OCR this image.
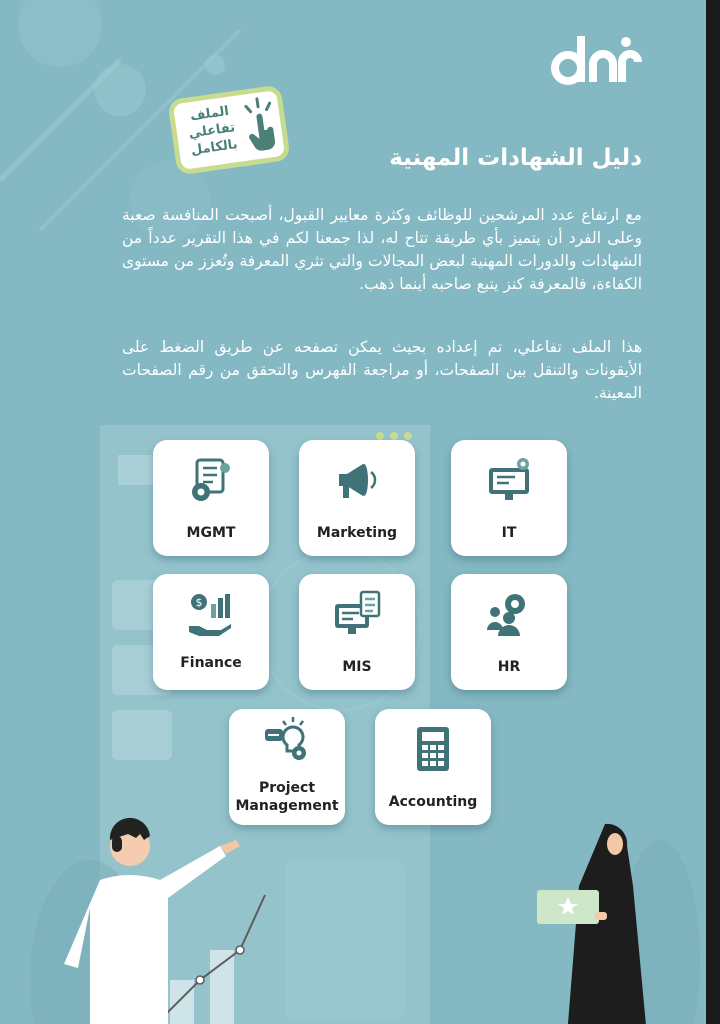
الملف
تفاعلي
بالكامل	دليل الشهادات المهنية
مع ارتفاع عدد المرشحين للوظائف وكثرة معايير القبول، أصبحت المنافسة صعبة وعلى الفرد أن يتميز بأي طريقة تتاح له، لذا جمعنا لكم في هذا التقرير عدداً من الشهادات والدورات المهنية لبعض المجالات والتي تثري المعرفة وتُعزز من مستوى الكفاءة، فالمعرفة كنز يتبع صاحبه أينما ذهب.
هذا الملف تفاعلي، تم إعداده بحيث يمكن تصفحه عن طريق الضغط على الأيقونات والتنقل بين الصفحات، أو مراجعة الفهرس والتحقق من رقم الصفحات المعينة.
MGMT	Marketing	IT
$
Finance	MIS	HR
Project
Management	Accounting
